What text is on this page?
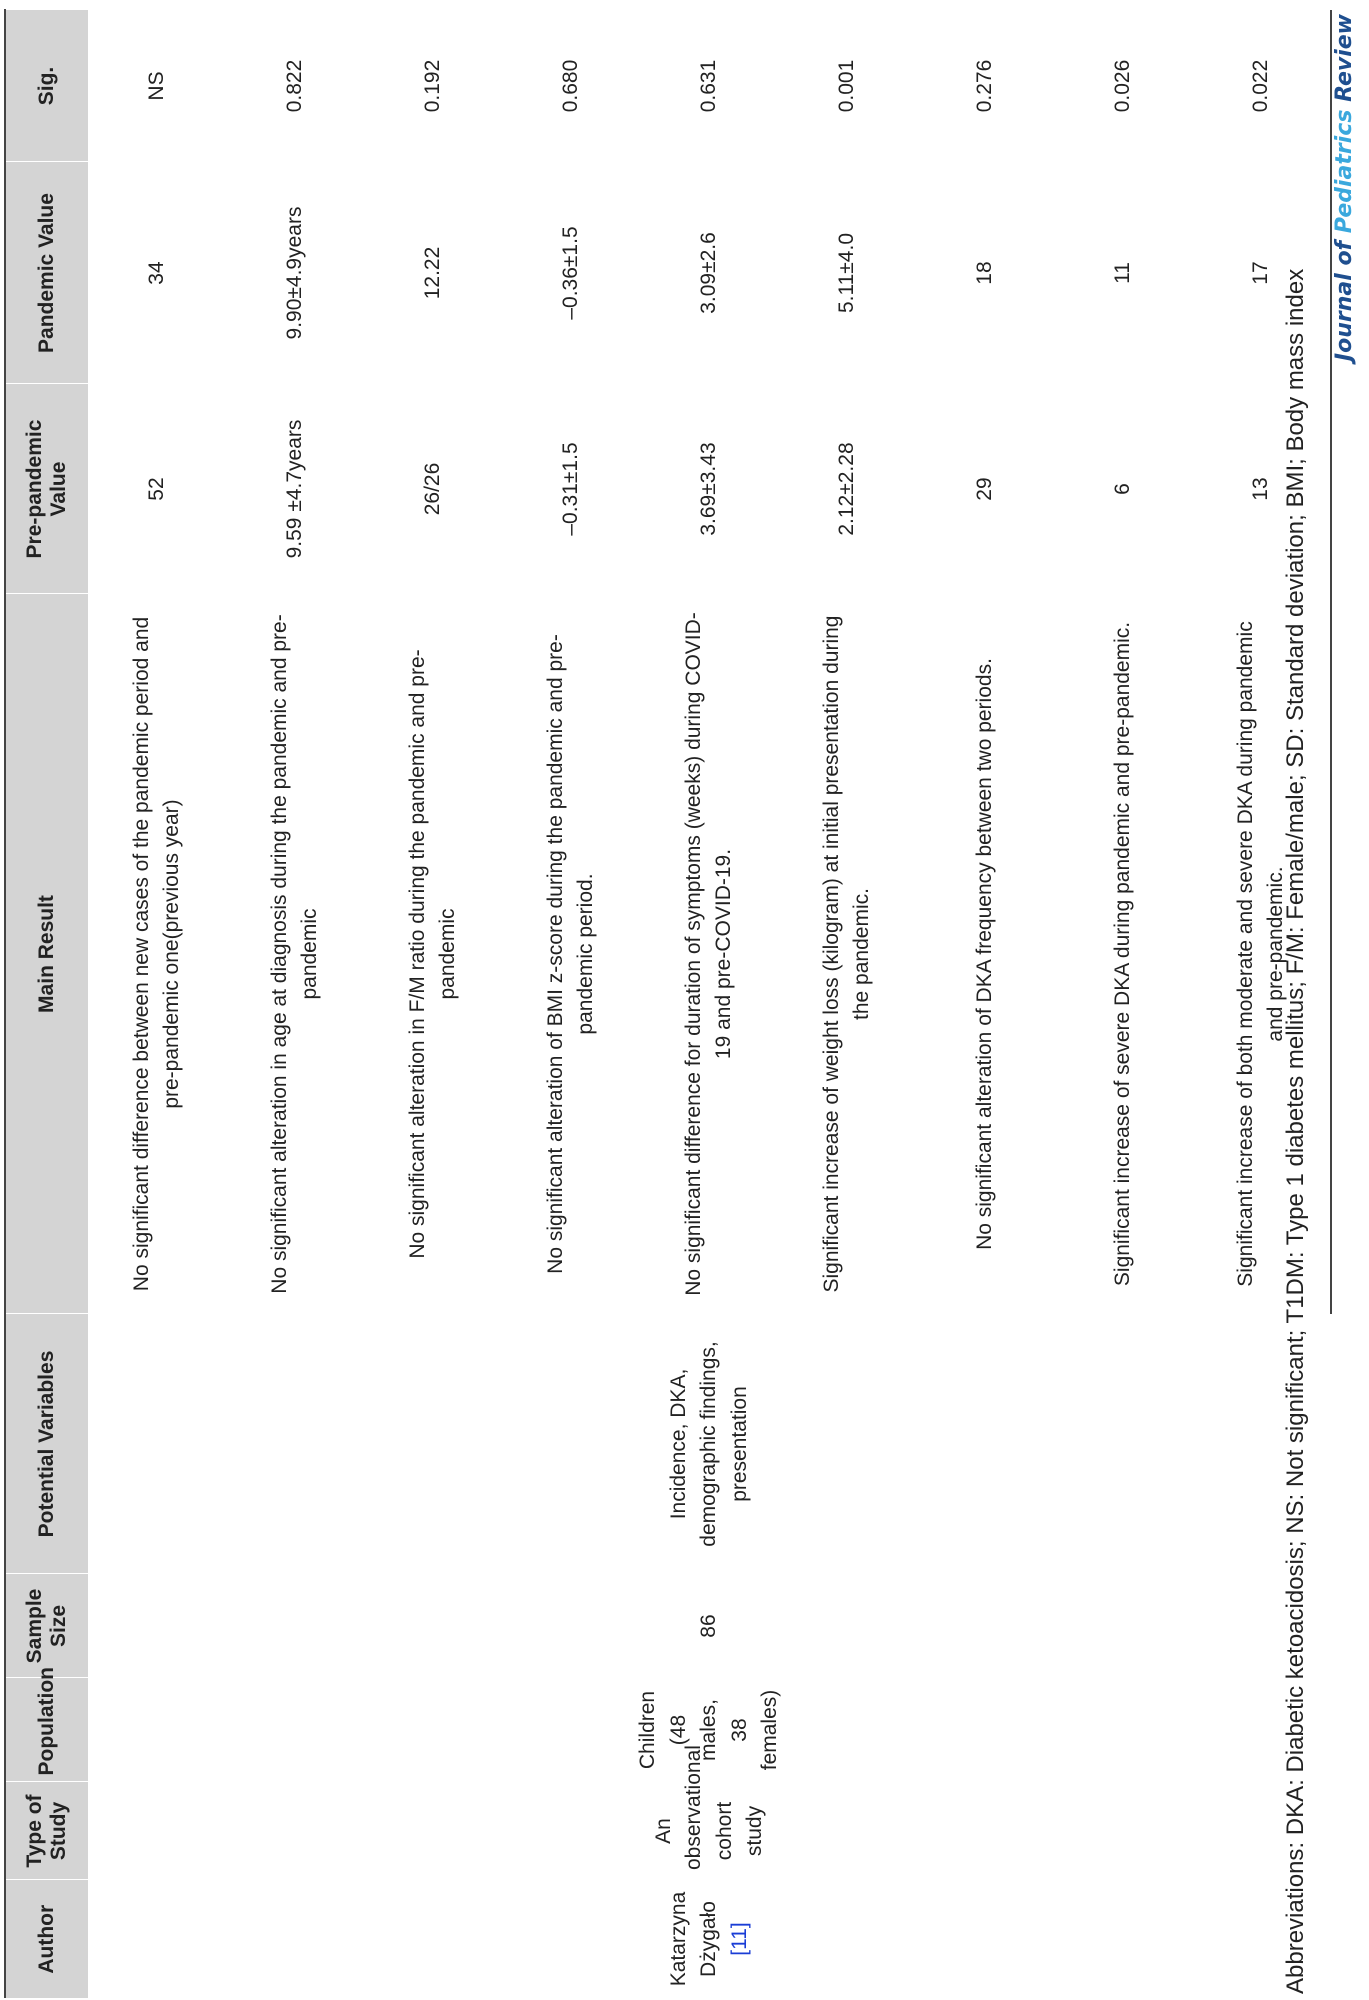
Author	Type of Study	Population	Sample Size	Potential Variables	Main Result	Pre-pandemic Value	Pandemic Value	Sig.
Katarzyna Dżygało [11]	An observational cohort study	Children (48 males, 38 females)	86	Incidence, DKA, demographic findings, presentation	No significant difference between new cases of the pandemic period and pre-pandemic one(previous year)	52	34	NS
					No significant alteration in age at diagnosis during the pandemic and pre-pandemic	9.59 ±4.7years	9.90±4.9years	0.822
					No significant alteration in F/M ratio during the pandemic and pre-pandemic	26/26	12.22	0.192
					No significant alteration of BMI z-score during the pandemic and pre-pandemic period.	–0.31±1.5	–0.36±1.5	0.680
					No significant difference for duration of symptoms (weeks) during COVID-19 and pre-COVID-19.	3.69±3.43	3.09±2.6	0.631
					Significant increase of weight loss (kilogram) at initial presentation during the pandemic.	2.12±2.28	5.11±4.0	0.001
					No significant alteration of DKA frequency between two periods.	29	18	0.276
					Significant increase of severe DKA during pandemic and pre-pandemic.	6	11	0.026
					Significant increase of both moderate and severe DKA during pandemic and pre-pandemic.	13	17	0.022
Abbreviations: DKA: Diabetic ketoacidosis; NS: Not significant; T1DM: Type 1 diabetes mellitus; F/M: Female/male; SD: Standard deviation; BMI; Body mass index Journal of Pediatrics Review
